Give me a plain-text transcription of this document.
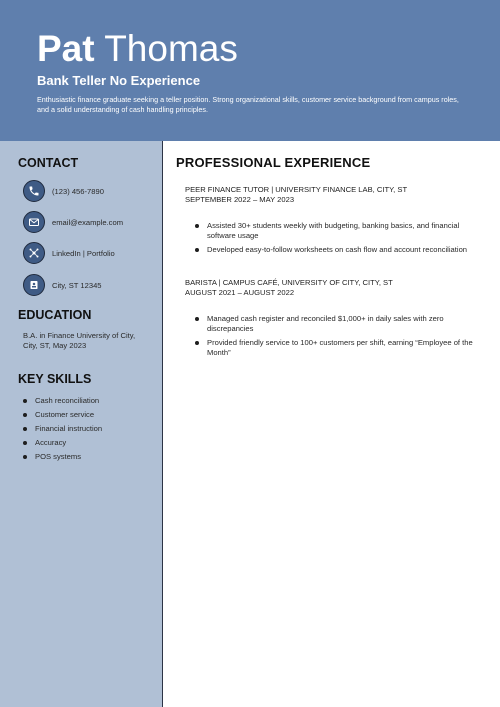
Pat Thomas
Bank Teller No Experience
Enthusiastic finance graduate seeking a teller position. Strong organizational skills, customer service background from campus roles, and a solid understanding of cash handling principles.
CONTACT
(123) 456-7890
email@example.com
LinkedIn | Portfolio
City, ST 12345
EDUCATION
KEY SKILLS
B.A. in Finance University of City, City, ST, May 2023
Cash reconciliation
Customer service
Financial instruction
Accuracy
POS systems
PROFESSIONAL EXPERIENCE
PEER FINANCE TUTOR | UNIVERSITY FINANCE LAB, CITY, ST
SEPTEMBER 2022 – MAY 2023
Assisted 30+ students weekly with budgeting, banking basics, and financial software usage
Developed easy-to-follow worksheets on cash flow and account reconciliation
BARISTA | CAMPUS CAFÉ, UNIVERSITY OF CITY, CITY, ST
AUGUST 2021 – AUGUST 2022
Managed cash register and reconciled $1,000+ in daily sales with zero discrepancies
Provided friendly service to 100+ customers per shift, earning “Employee of the Month”
